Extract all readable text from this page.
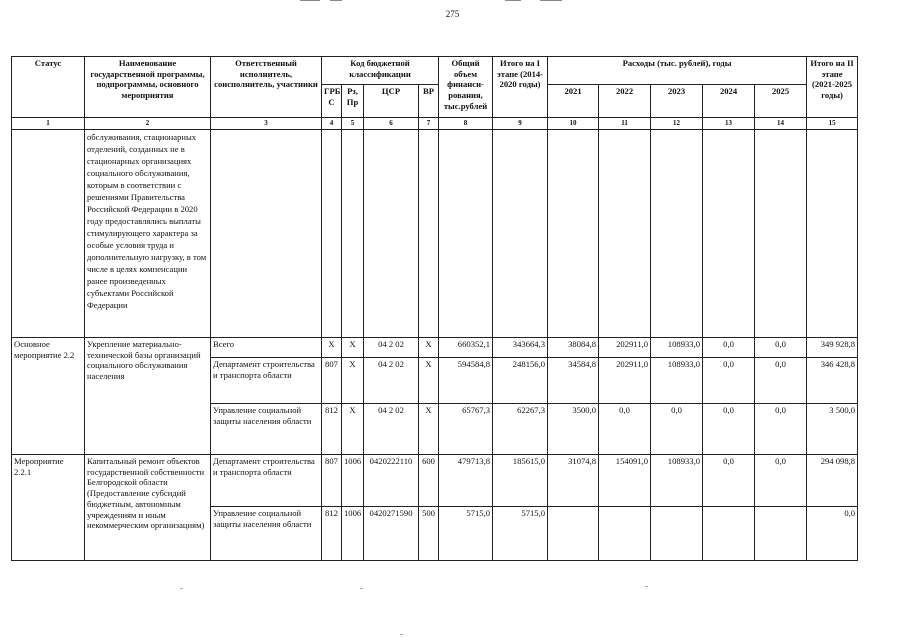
275
Статус	Наименование государственной программы, подпрограммы, основного мероприятия	Ответственный исполнитель, соисполнитель, участники	Код бюджетной классификации				Общий объем финанси-рования, тыс.рублей	Итого на I этапе (2014-2020 годы)	Расходы (тыс. рублей), годы					Итого на II этапе (2021-2025 годы)
			ГРБ С	Рз, Пр	ЦСР	ВР			2021	2022	2023	2024	2025	
1	2	3	4	5	6	7	8	9	10	11	12	13	14	15
	обслуживания, стационарных отделений, созданных не в стационарных организациях социального обслуживания, которым в соответствии с решениями Правительства Российской Федерации в 2020 году предоставлялись выплаты стимулирующего характера за особые условия труда и дополнительную нагрузку, в том числе в целях компенсации ранее произведенных субъектами Российской Федерации													
Основное мероприятие 2.2	Укрепление материально-технической базы организаций социального обслуживания населения	Всего	X	X	04 2 02	X	660352,1	343664,3	38084,8	202911,0	108933,0	0,0	0,0	349 928,8
		Департамент строительства и транспорта области	807	X	04 2 02	X	594584,8	248156,0	34584,8	202911,0	108933,0	0,0	0,0	346 428,8
		Управление социальной защиты населения области	812	X	04 2 02	X	65767,3	62267,3	3500,0	0,0	0,0	0,0	0,0	3 500,0
Мероприятие 2.2.1	Капитальный ремонт объектов государственной собственности Белгородской области (Предоставление субсидий бюджетным, автономным учреждениям и иным некоммерческим организациям)	Департамент строительства и транспорта области	807	1006	0420222110	600	479713,8	185615,0	31074,8	154091,0	108933,0	0,0	0,0	294 098,8
		Управление социальной защиты населения области	812	1006	0420271590	500	5715,0	5715,0						0,0
